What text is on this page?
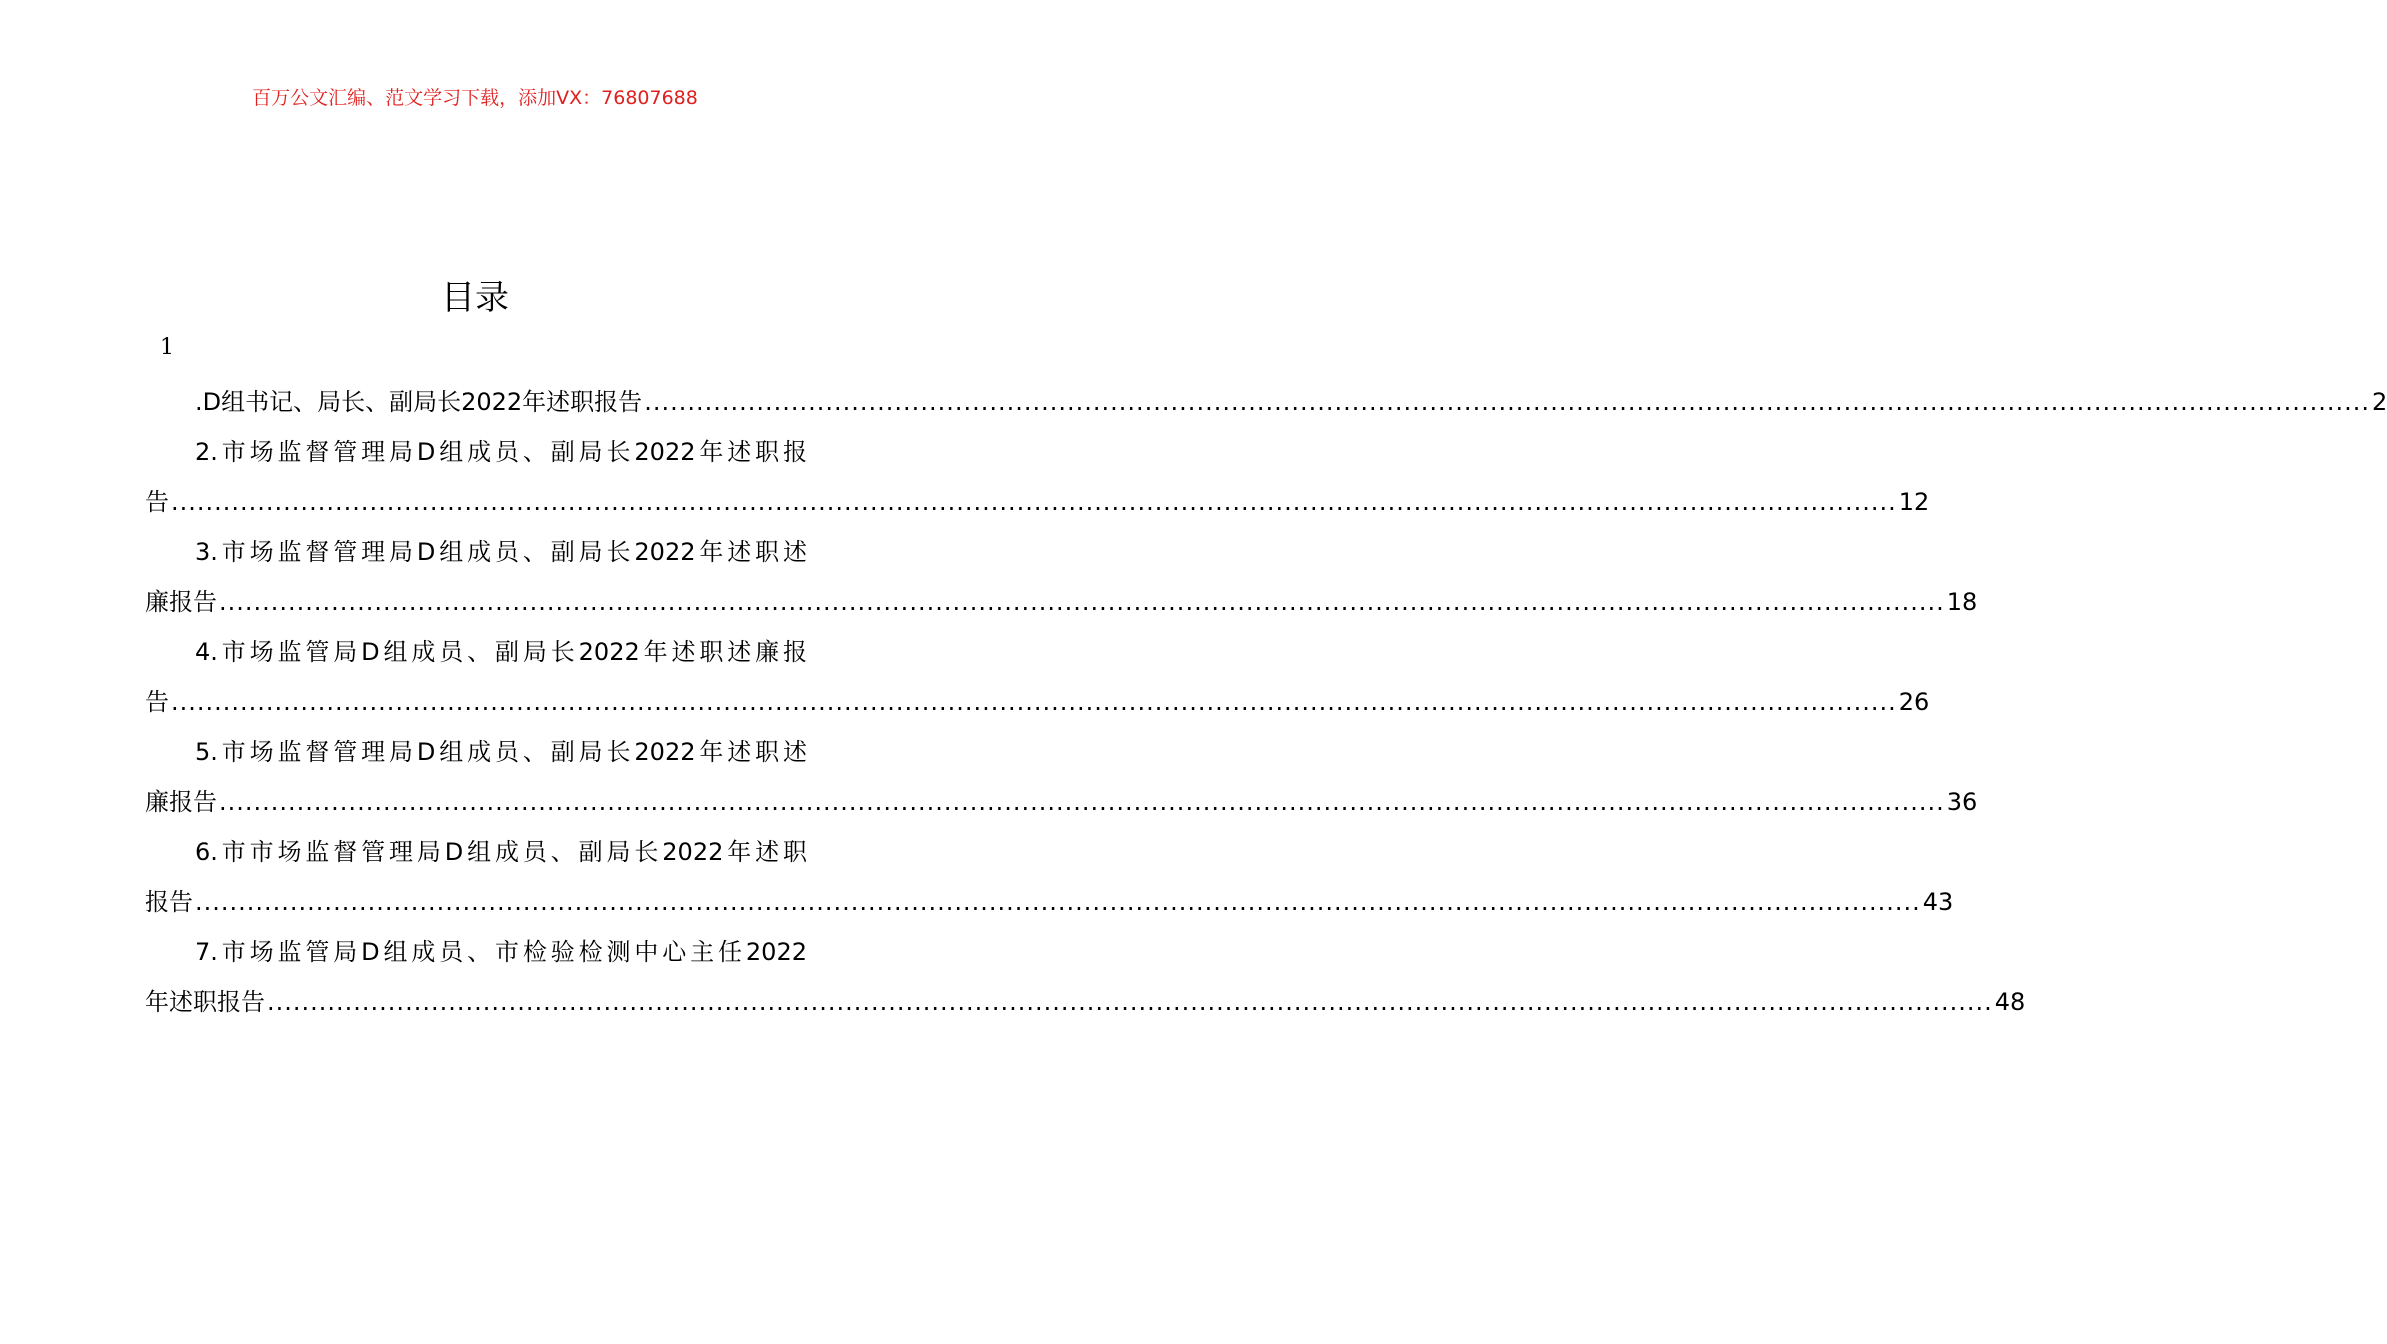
百万公文汇编、范文学习下载，添加VX：76807688
目录
1
.D组书记、局长、副局长2022年述职报告 ........................................................................................................................................................................................................ 2
2.市场监督管理局D组成员、副局长2022年述职报
告 ........................................................................................................................................................................................................ 12
3.市场监督管理局D组成员、副局长2022年述职述
廉报告 ........................................................................................................................................................................................................ 18
4.市场监管局D组成员、副局长2022年述职述廉报
告 ........................................................................................................................................................................................................ 26
5.市场监督管理局D组成员、副局长2022年述职述
廉报告 ........................................................................................................................................................................................................ 36
6.市市场监督管理局D组成员、副局长2022年述职
报告 ........................................................................................................................................................................................................ 43
7.市场监管局D组成员、市检验检测中心主任2022
年述职报告 ........................................................................................................................................................................................................ 48
